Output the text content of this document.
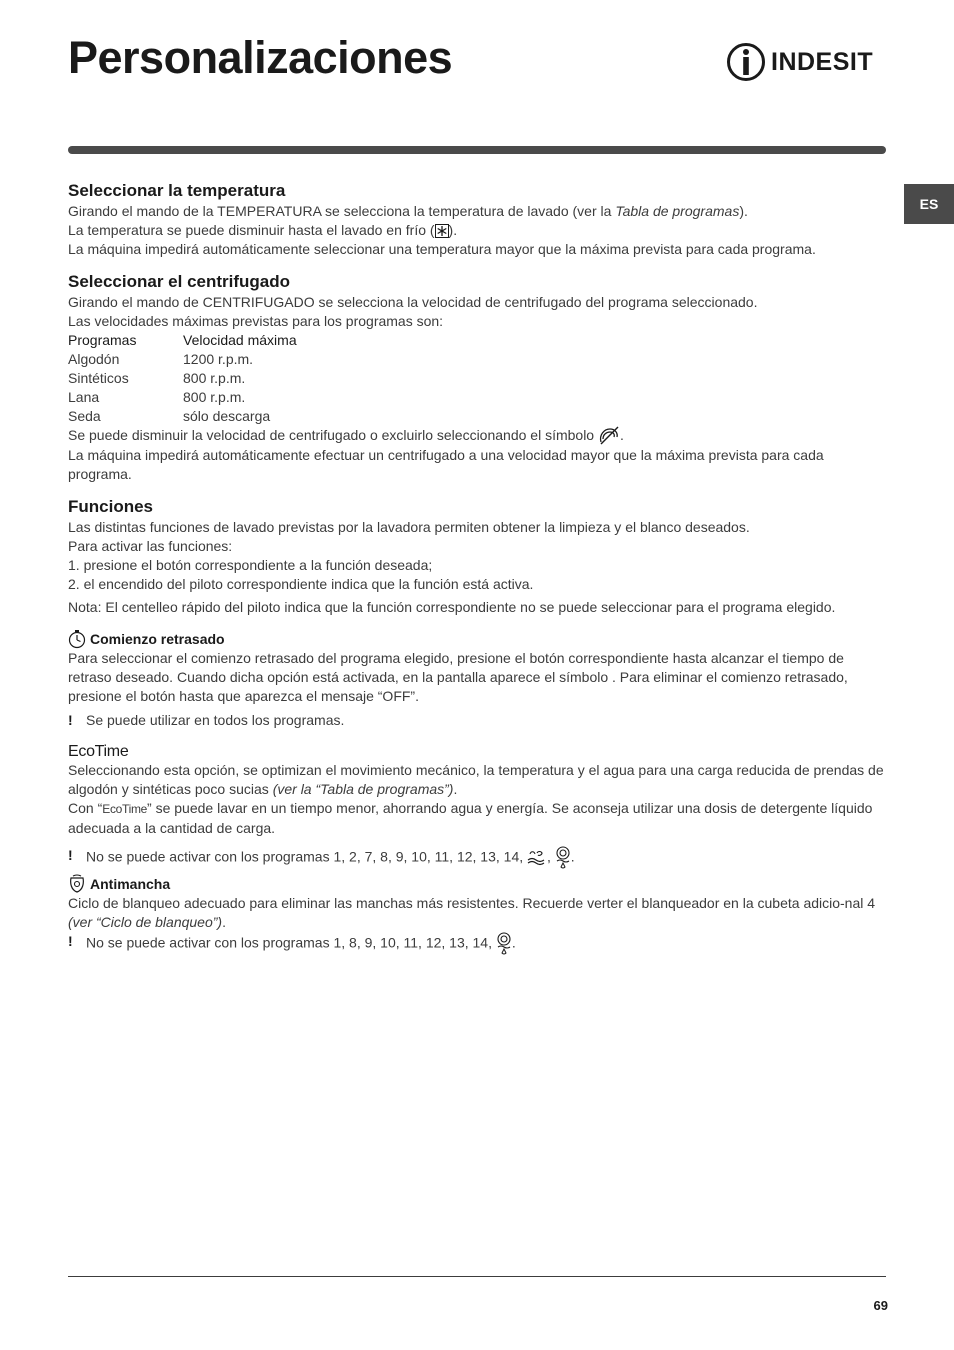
Personalizaciones	INDESIT
ES
Seleccionar la temperatura

Girando el mando de la TEMPERATURA se selecciona la temperatura de lavado (ver la Tabla de programas).

La temperatura se puede disminuir hasta el lavado en frío ( ).

La máquina impedirá automáticamente seleccionar una temperatura mayor que la máxima prevista para cada programa.

Seleccionar el centrifugado

Girando el mando de CENTRIFUGADO se selecciona la velocidad de centrifugado del programa seleccionado.

Las velocidades máximas previstas para los programas son:

Programas	Velocidad máxima
Algodón	1200 r.p.m.
Sintéticos	800 r.p.m.
Lana	800 r.p.m.
Seda	sólo descarga

Se puede disminuir la velocidad de centrifugado o excluirlo seleccionando el símbolo .

La máquina impedirá automáticamente efectuar un centrifugado a una velocidad mayor que la máxima prevista para cada programa.

Funciones

Las distintas funciones de lavado previstas por la lavadora permiten obtener la limpieza y el blanco deseados.

Para activar las funciones:

1. presione el botón correspondiente a la función deseada;

2. el encendido del piloto correspondiente indica que la función está activa.

Nota: El centelleo rápido del piloto indica que la función correspondiente no se puede seleccionar para el programa elegido.

Comienzo retrasado

Para seleccionar el comienzo retrasado del programa elegido, presione el botón correspondiente hasta alcanzar el tiempo de retraso deseado. Cuando dicha opción está activada, en la pantalla aparece el símbolo . Para eliminar el comienzo retrasado, presione el botón hasta que aparezca el mensaje “OFF”.

! Se puede utilizar en todos los programas.
EcoTime

Seleccionando esta opción, se optimizan el movimiento mecánico, la temperatura y el agua para una carga reducida de prendas de algodón y sintéticas poco sucias (ver la “Tabla de programas”).

Con “EcoTime” se puede lavar en un tiempo menor, ahorrando agua y energía. Se aconseja utilizar una dosis de detergente líquido adecuada a la cantidad de carga.

! No se puede activar con los programas 1, 2, 7, 8, 9, 10, 11, 12, 13, 14, , .
Antimancha

Ciclo de blanqueo adecuado para eliminar las manchas más resistentes. Recuerde verter el blanqueador en la cubeta adicio-nal 4 (ver “Ciclo de blanqueo”).

! No se puede activar con los programas 1, 8, 9, 10, 11, 12, 13, 14, .
69
